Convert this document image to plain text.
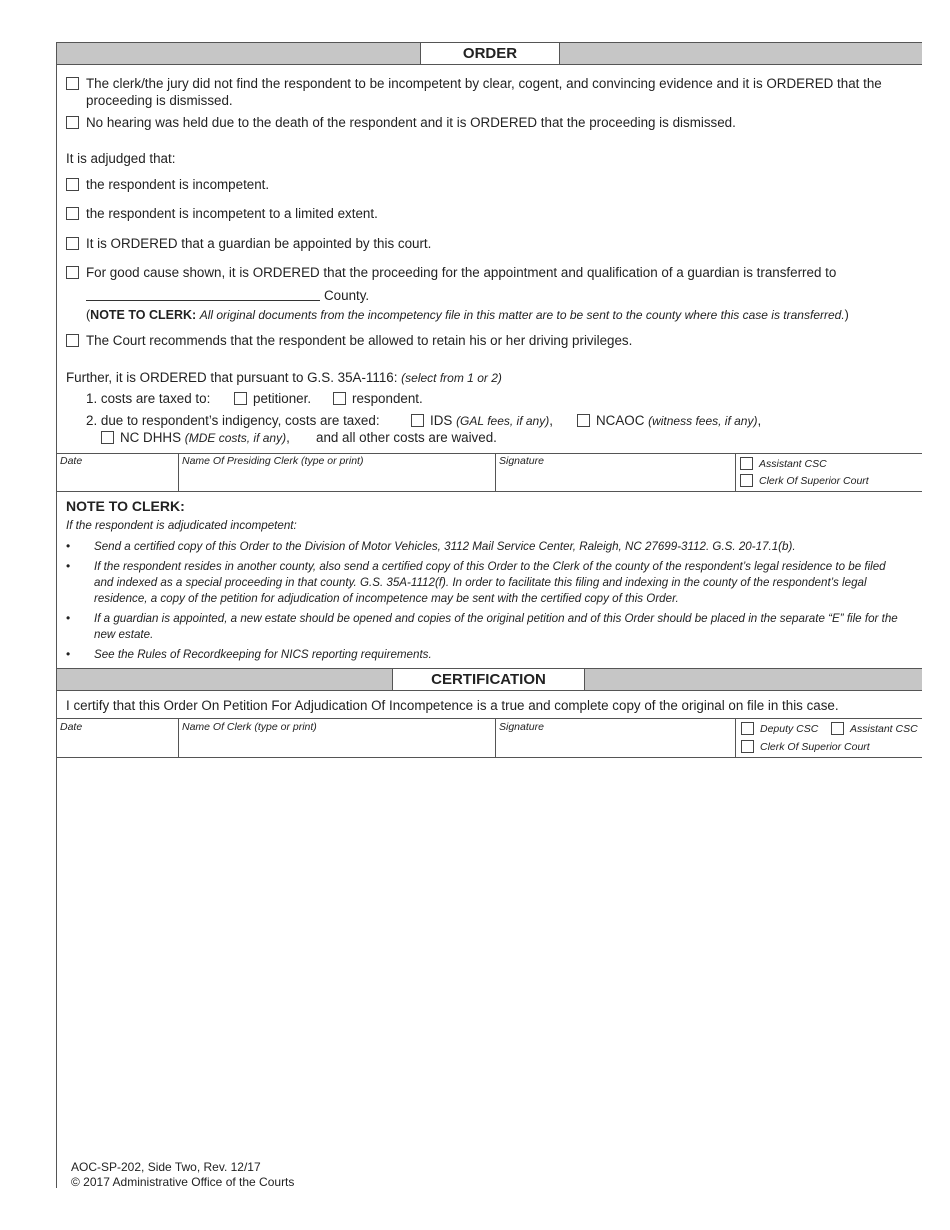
ORDER
The clerk/the jury did not find the respondent to be incompetent by clear, cogent, and convincing evidence and it is ORDERED that the
proceeding is dismissed.
No hearing was held due to the death of the respondent and it is ORDERED that the proceeding is dismissed.
It is adjudged that:
the respondent is incompetent.
the respondent is incompetent to a limited extent.
It is ORDERED that a guardian be appointed by this court.
For good cause shown, it is ORDERED that the proceeding for the appointment and qualification of a guardian is transferred to
County.
(NOTE TO CLERK: All original documents from the incompetency file in this matter are to be sent to the county where this case is transferred.)
The Court recommends that the respondent be allowed to retain his or her driving privileges.
Further, it is ORDERED that pursuant to G.S. 35A-1116: (select from 1 or 2)
1. costs are taxed to:	petitioner.	respondent.
2. due to respondent’s indigency, costs are taxed:	IDS (GAL fees, if any),	NCAOC (witness fees, if any),
NC DHHS (MDE costs, if any), and all other costs are waived.
Date	Name Of Presiding Clerk (type or print)	Signature	Assistant CSC
Clerk Of Superior Court
NOTE TO CLERK:
If the respondent is adjudicated incompetent:
• Send a certified copy of this Order to the Division of Motor Vehicles, 3112 Mail Service Center, Raleigh, NC 27699-3112. G.S. 20-17.1(b).
• If the respondent resides in another county, also send a certified copy of this Order to the Clerk of the county of the respondent’s legal residence to be filed and indexed as a special proceeding in that county. G.S. 35A-1112(f). In order to facilitate this filing and indexing in the county of the respondent’s legal residence, a copy of the petition for adjudication of incompetence may be sent with the certified copy of this Order.
• If a guardian is appointed, a new estate should be opened and copies of the original petition and of this Order should be placed in the separate “E” file for the new estate.
• See the Rules of Recordkeeping for NICS reporting requirements.
CERTIFICATION
I certify that this Order On Petition For Adjudication Of Incompetence is a true and complete copy of the original on file in this case.
Date	Name Of Clerk (type or print)	Signature	Deputy CSC	Assistant CSC
Clerk Of Superior Court
AOC-SP-202, Side Two, Rev. 12/17
© 2017 Administrative Office of the Courts
